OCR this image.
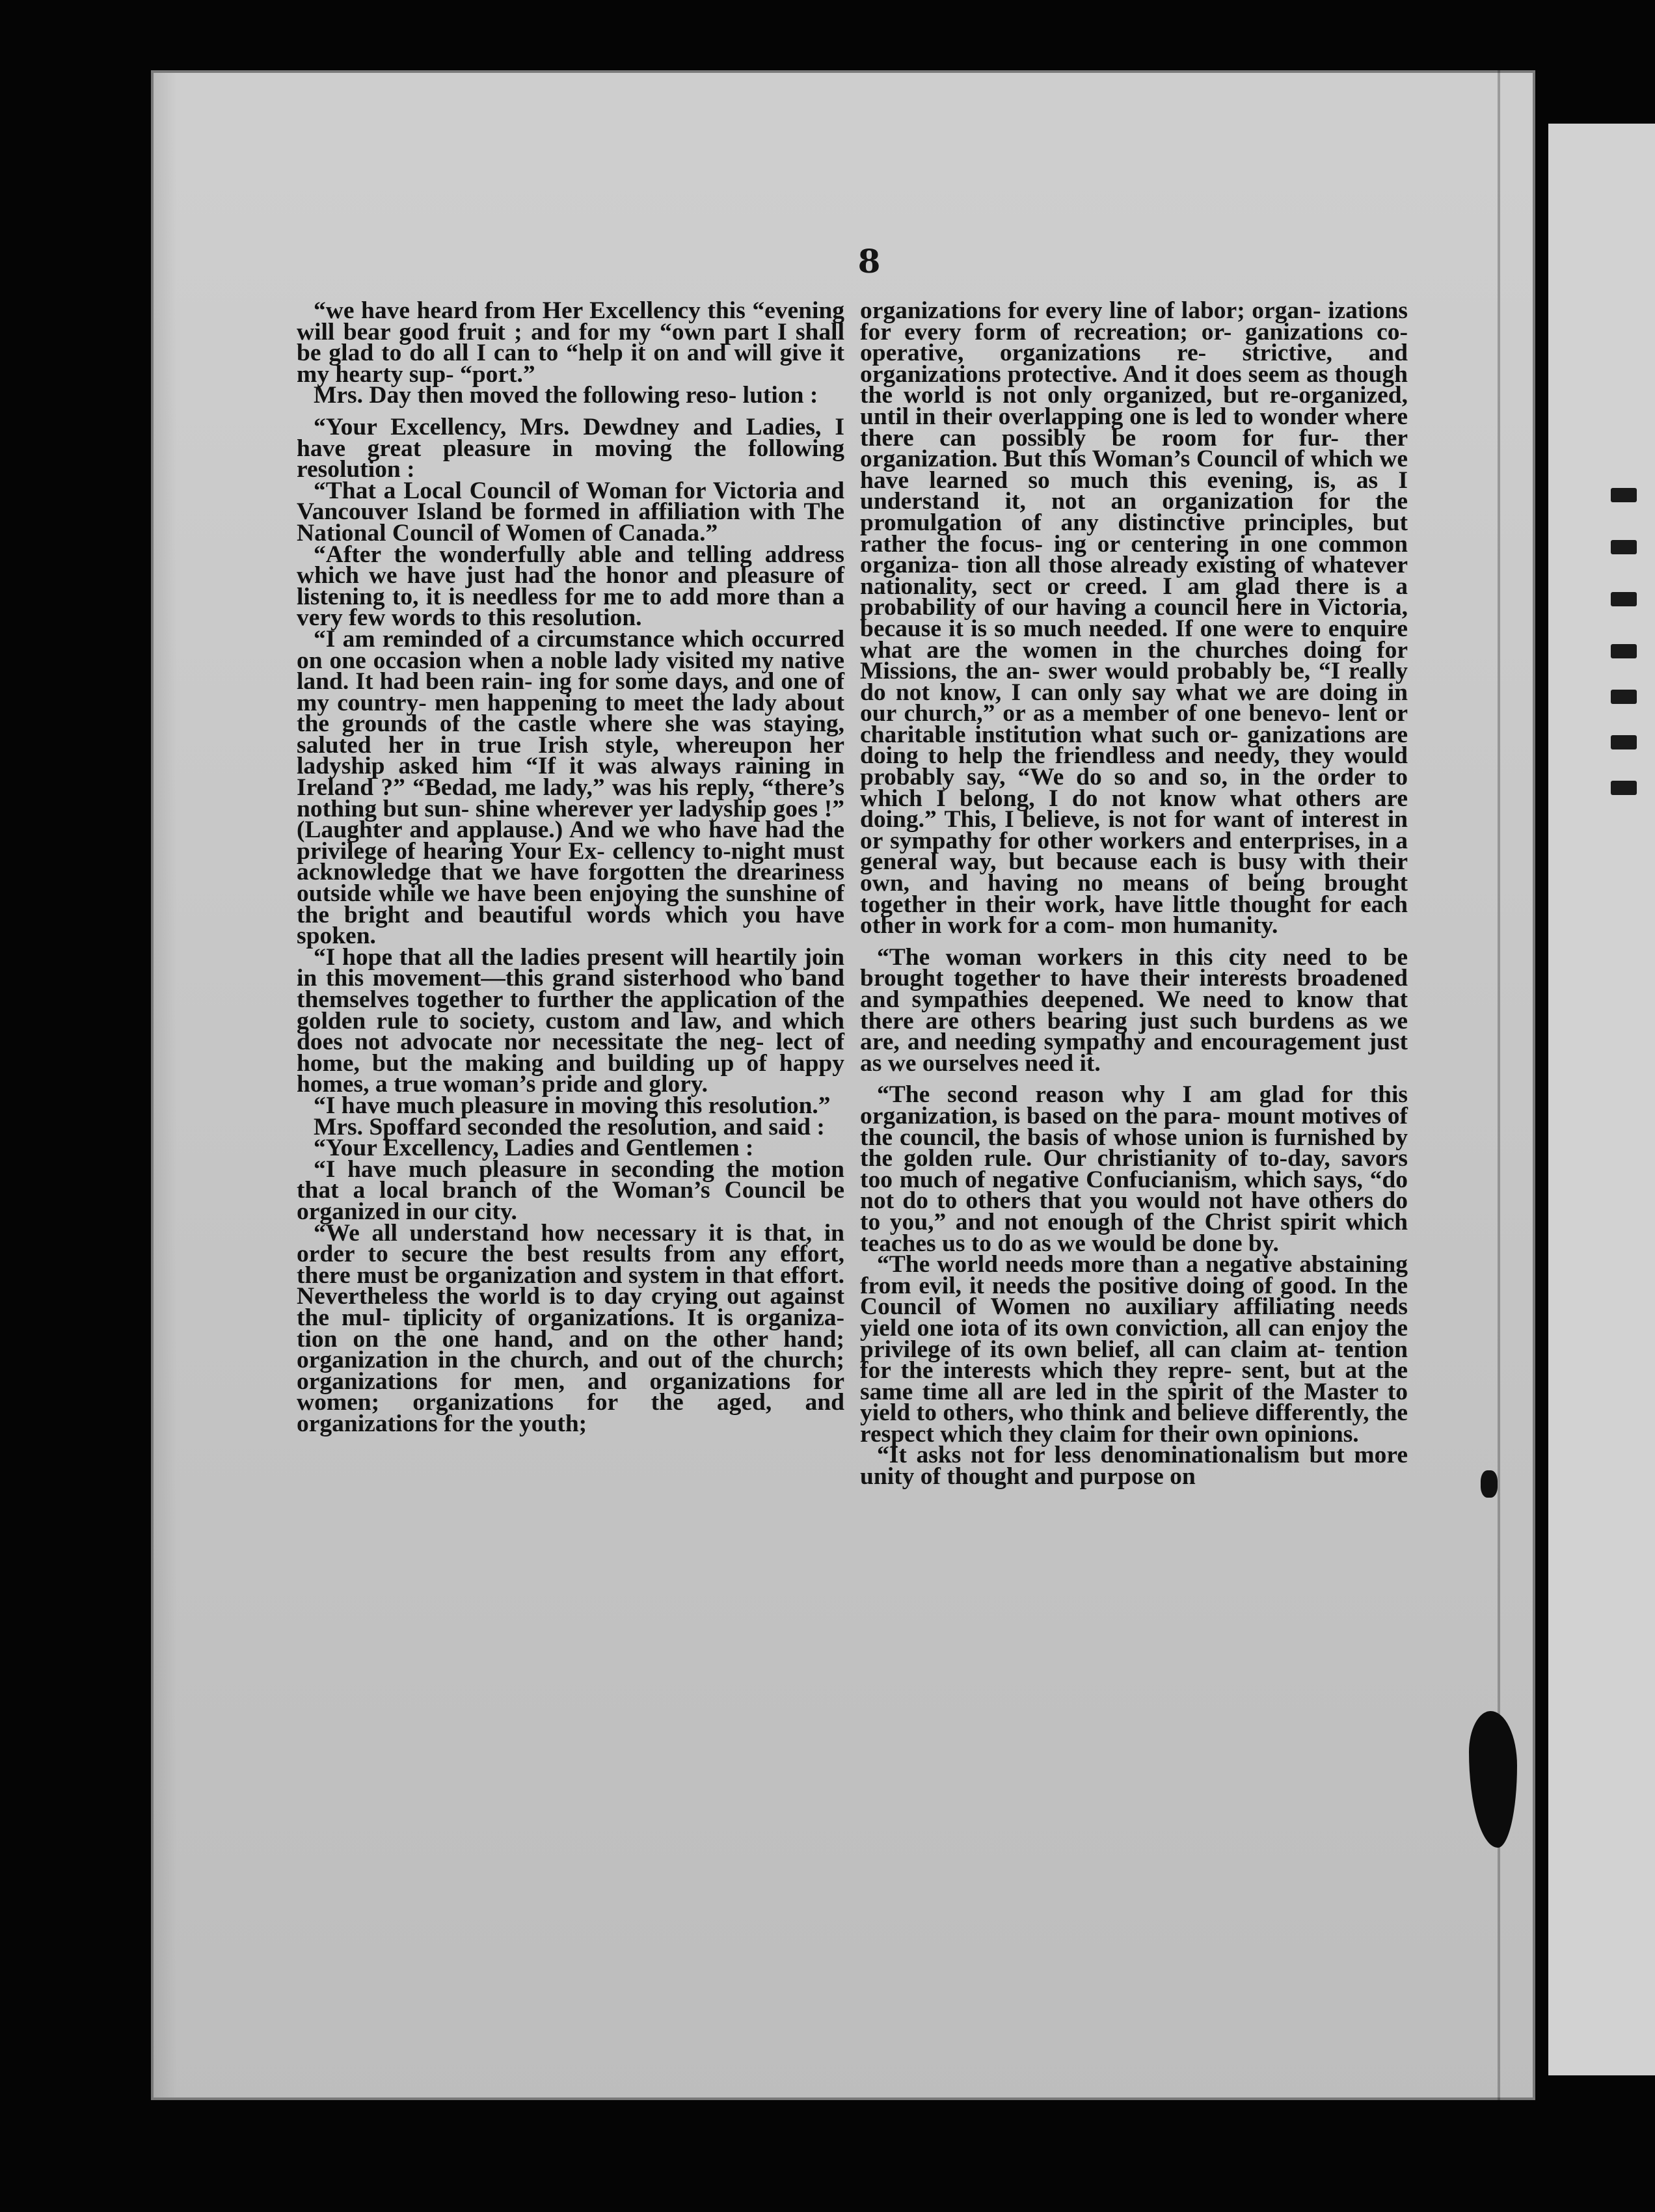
8

“we have heard from Her Excellency this “evening will bear good fruit ; and for my “own part I shall be glad to do all I can to “help it on and will give it my hearty sup- “port.”

Mrs. Day then moved the following reso- lution :

“Your Excellency, Mrs. Dewdney and Ladies, I have great pleasure in moving the following resolution :

“That a Local Council of Woman for Victoria and Vancouver Island be formed in affiliation with The National Council of Women of Canada.”

“After the wonderfully able and telling address which we have just had the honor and pleasure of listening to, it is needless for me to add more than a very few words to this resolution.

“I am reminded of a circumstance which occurred on one occasion when a noble lady visited my native land. It had been rain- ing for some days, and one of my country- men happening to meet the lady about the grounds of the castle where she was staying, saluted her in true Irish style, whereupon her ladyship asked him “If it was always raining in Ireland ?” “Bedad, me lady,” was his reply, “there’s nothing but sun- shine wherever yer ladyship goes !” (Laughter and applause.) And we who have had the privilege of hearing Your Ex- cellency to-night must acknowledge that we have forgotten the dreariness outside while we have been enjoying the sunshine of the bright and beautiful words which you have spoken.

“I hope that all the ladies present will heartily join in this movement—this grand sisterhood who band themselves together to further the application of the golden rule to society, custom and law, and which does not advocate nor necessitate the neg- lect of home, but the making and building up of happy homes, a true woman’s pride and glory.

“I have much pleasure in moving this resolution.”

Mrs. Spoffard seconded the resolution, and said :

“Your Excellency, Ladies and Gentlemen :

“I have much pleasure in seconding the motion that a local branch of the Woman’s Council be organized in our city.

“We all understand how necessary it is that, in order to secure the best results from any effort, there must be organization and system in that effort. Nevertheless the world is to day crying out against the mul- tiplicity of organizations. It is organiza- tion on the one hand, and on the other hand; organization in the church, and out of the church; organizations for men, and organizations for women; organizations for the aged, and organizations for the youth;

organizations for every line of labor; organ- izations for every form of recreation; or- ganizations co-operative, organizations re- strictive, and organizations protective. And it does seem as though the world is not only organized, but re-organized, until in their overlapping one is led to wonder where there can possibly be room for fur- ther organization. But this Woman’s Council of which we have learned so much this evening, is, as I understand it, not an organization for the promulgation of any distinctive principles, but rather the focus- ing or centering in one common organiza- tion all those already existing of whatever nationality, sect or creed. I am glad there is a probability of our having a council here in Victoria, because it is so much needed. If one were to enquire what are the women in the churches doing for Missions, the an- swer would probably be, “I really do not know, I can only say what we are doing in our church,” or as a member of one benevo- lent or charitable institution what such or- ganizations are doing to help the friendless and needy, they would probably say, “We do so and so, in the order to which I belong, I do not know what others are doing.” This, I believe, is not for want of interest in or sympathy for other workers and enterprises, in a general way, but because each is busy with their own, and having no means of being brought together in their work, have little thought for each other in work for a com- mon humanity.

“The woman workers in this city need to be brought together to have their interests broadened and sympathies deepened. We need to know that there are others bearing just such burdens as we are, and needing sympathy and encouragement just as we ourselves need it.

“The second reason why I am glad for this organization, is based on the para- mount motives of the council, the basis of whose union is furnished by the golden rule. Our christianity of to-day, savors too much of negative Confucianism, which says, “do not do to others that you would not have others do to you,” and not enough of the Christ spirit which teaches us to do as we would be done by.

“The world needs more than a negative abstaining from evil, it needs the positive doing of good. In the Council of Women no auxiliary affiliating needs yield one iota of its own conviction, all can enjoy the privilege of its own belief, all can claim at- tention for the interests which they repre- sent, but at the same time all are led in the spirit of the Master to yield to others, who think and believe differently, the respect which they claim for their own opinions.

“It asks not for less denominationalism but more unity of thought and purpose on
